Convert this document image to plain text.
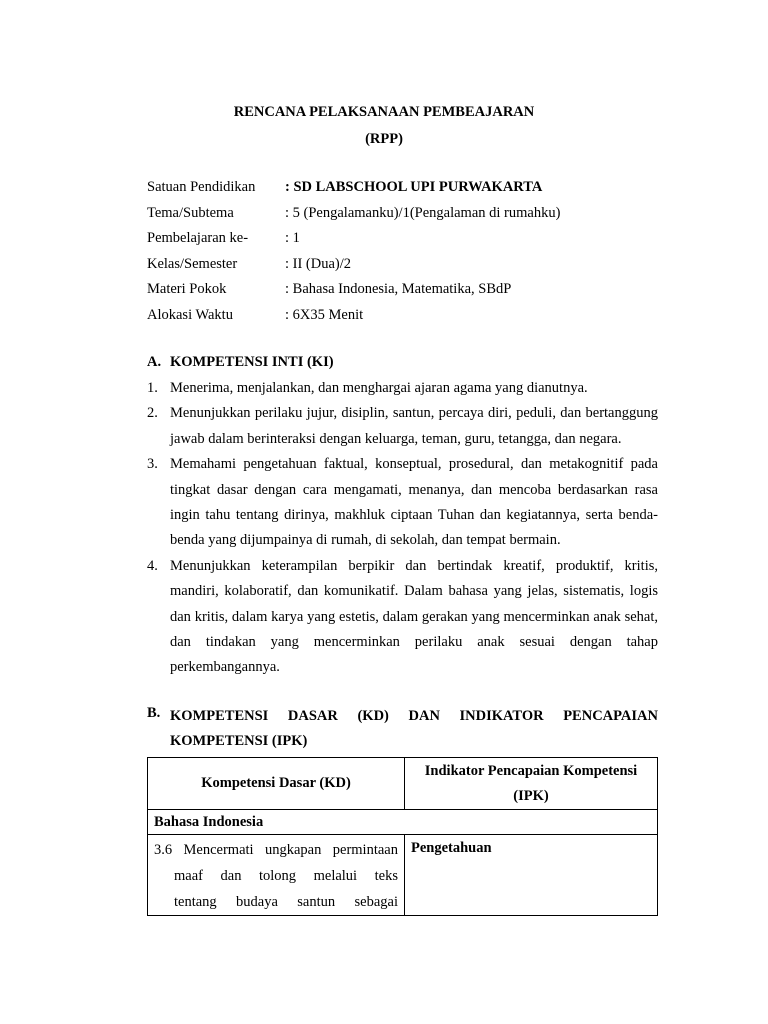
RENCANA PELAKSANAAN PEMBEAJARAN
(RPP)
Satuan Pendidikan : SD LABSCHOOL UPI PURWAKARTA
Tema/Subtema	: 5 (Pengalamanku)/1(Pengalaman di rumahku)
Pembelajaran ke-	: 1
Kelas/Semester	: II (Dua)/2
Materi Pokok	: Bahasa Indonesia, Matematika, SBdP
Alokasi Waktu	: 6X35 Menit
A. KOMPETENSI INTI (KI)
1. Menerima, menjalankan, dan menghargai ajaran agama yang dianutnya.
2. Menunjukkan perilaku jujur, disiplin, santun, percaya diri, peduli, dan bertanggung jawab dalam berinteraksi dengan keluarga, teman, guru, tetangga, dan negara.
3. Memahami pengetahuan faktual, konseptual, prosedural, dan metakognitif pada tingkat dasar dengan cara mengamati, menanya, dan mencoba berdasarkan rasa ingin tahu tentang dirinya, makhluk ciptaan Tuhan dan kegiatannya, serta benda-benda yang dijumpainya di rumah, di sekolah, dan tempat bermain.
4. Menunjukkan keterampilan berpikir dan bertindak kreatif, produktif, kritis, mandiri, kolaboratif, dan komunikatif. Dalam bahasa yang jelas, sistematis, logis dan kritis, dalam karya yang estetis, dalam gerakan yang mencerminkan anak sehat, dan tindakan yang mencerminkan perilaku anak sesuai dengan tahap perkembangannya.
B. KOMPETENSI DASAR (KD) DAN INDIKATOR PENCAPAIAN
KOMPETENSI (IPK)
Kompetensi Dasar (KD)	Indikator Pencapaian Kompetensi
(IPK)

Bahasa Indonesia	

3.6 Mencermati ungkapan permintaan
maaf dan tolong melalui teks
tentang budaya santun sebagai	Pengetahuan
